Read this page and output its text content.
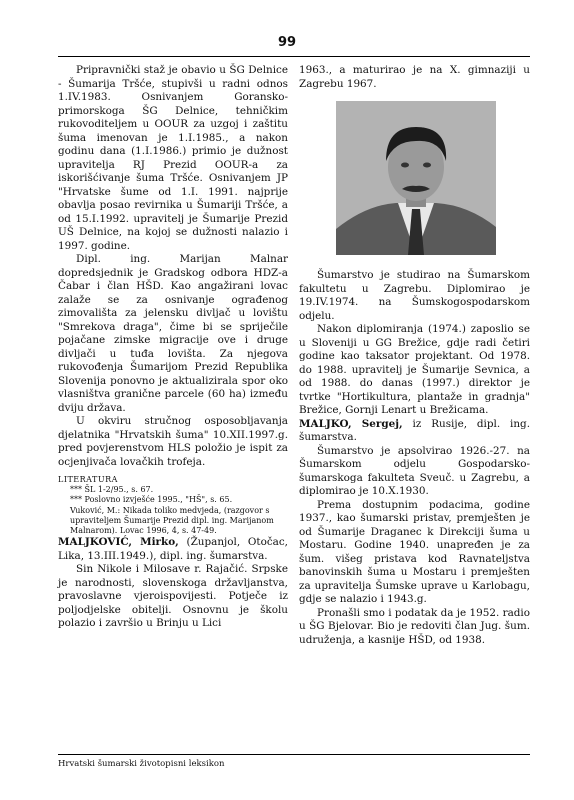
99

Pripravnički staž je obavio u ŠG Delnice - Šumarija Tršće, stupivši u radni odnos 1.IV.1983. Osnivanjem Goransko-primorskoga ŠG Delnice, tehničkim rukovoditeljem u OOUR za uzgoj i zaštitu šuma imenovan je 1.I.1985., a nakon godinu dana (1.I.1986.) primio je dužnost upravitelja RJ Prezid OOUR-a za iskorišćivanje šuma Tršće. Osnivanjem JP "Hrvatske šume od 1.I. 1991. najprije obavlja posao revirnika u Šumariji Tršće, a od 15.I.1992. upravitelj je Šumarije Prezid UŠ Delnice, na kojoj se dužnosti nalazio i 1997. godine.

Dipl. ing. Marijan Malnar dopredsjednik je Gradskog odbora HDZ-a Čabar i član HŠD. Kao angažirani lovac zalaže se za osnivanje ograđenog zimovališta za jelensku divljač u lovištu "Smrekova draga", čime bi se spriječile pojačane zimske migracije ove i druge divljači u tuđa lovišta. Za njegova rukovođenja Šumarijom Prezid Republika Slovenija ponovno je aktualizirala spor oko vlasništva granične parcele (60 ha) između dviju država.

U okviru stručnog osposobljavanja djelatnika "Hrvatskih šuma" 10.XII.1997.g. pred povjerenstvom HLS položio je ispit za ocjenjivača lovačkih trofeja.

LITERATURA
*** ŠL 1-2/95., s. 67.
*** Poslovno izvješće 1995., "HŠ", s. 65.
Vuković, M.: Nikada toliko medvjeda, (razgovor s upraviteljem Šumarije Prezid dipl. ing. Marijanom Malnarom). Lovac 1996, 4, s. 47-49.

MALJKOVIĆ, Mirko, (Županjol, Otočac, Lika, 13.III.1949.), dipl. ing. šumarstva.

Sin Nikole i Milosave r. Rajačić. Srpske je narodnosti, slovenskoga državljanstva, pravoslavne vjeroispovijesti. Potječe iz poljodjelske obitelji. Osnovnu je školu polazio i završio u Brinju u Lici

1963., a maturirao je na X. gimnaziji u Zagrebu 1967.

Šumarstvo je studirao na Šumarskom fakultetu u Zagrebu. Diplomirao je 19.IV.1974. na Šumskogospodarskom odjelu.

Nakon diplomiranja (1974.) zaposlio se u Sloveniji u GG Brežice, gdje radi četiri godine kao taksator projektant. Od 1978. do 1988. upravitelj je Šumarije Sevnica, a od 1988. do danas (1997.) direktor je tvrtke "Hortikultura, plantaže in gradnja" Brežice, Gornji Lenart u Brežicama.

MALJKO, Sergej, iz Rusije, dipl. ing. šumarstva.

Šumarstvo je apsolvirao 1926.-27. na Šumarskom odjelu Gospodarsko-šumarskoga fakulteta Sveuč. u Zagrebu, a diplomirao je 10.X.1930.

Prema dostupnim podacima, godine 1937., kao šumarski pristav, premješten je od Šumarije Draganec k Direkciji šuma u Mostaru. Godine 1940. unapređen je za šum. višeg pristava kod Ravnateljstva banovinskih šuma u Mostaru i premješten za upravitelja Šumske uprave u Karlobagu, gdje se nalazio i 1943.g.

Pronašli smo i podatak da je 1952. radio u ŠG Bjelovar. Bio je redoviti član Jug. šum. udruženja, a kasnije HŠD, od 1938.

Hrvatski šumarski životopisni leksikon
